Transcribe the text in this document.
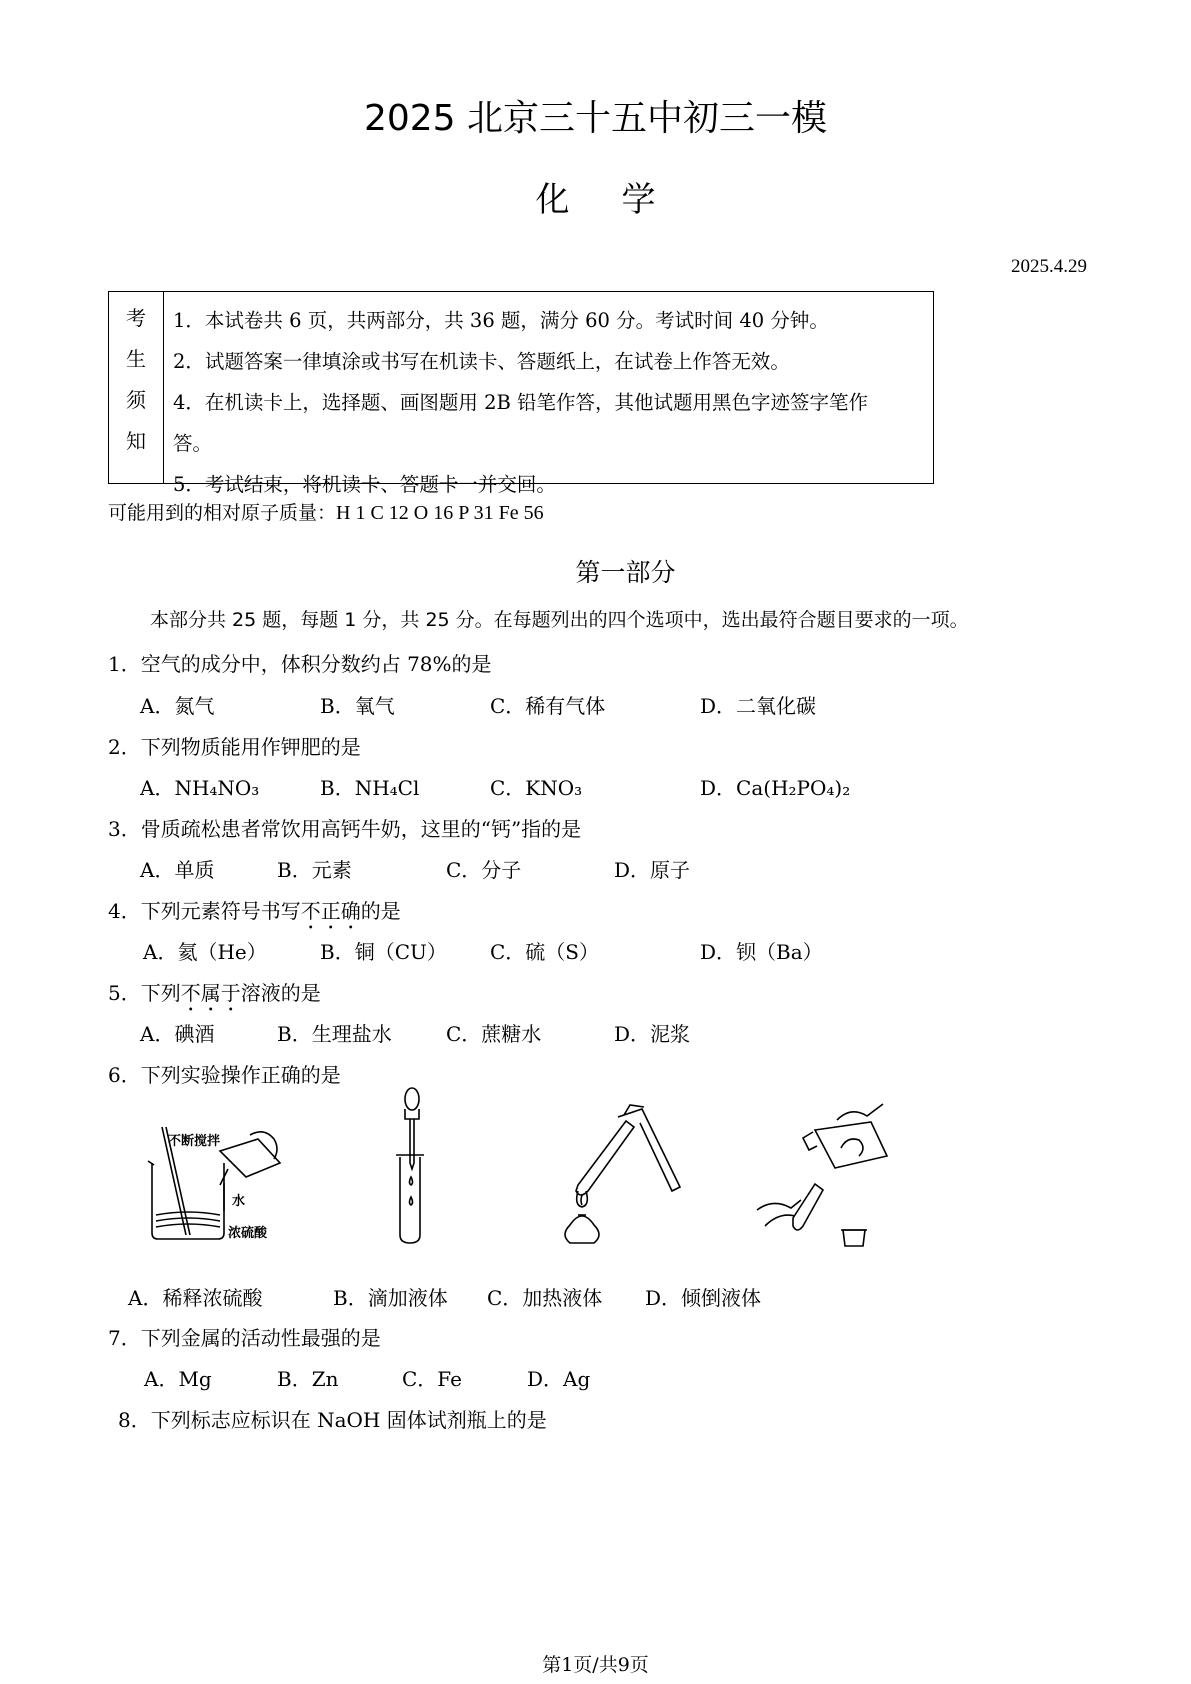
2025 北京三十五中初三一模
化学
2025.4.29
考
生
须
知
1．本试卷共 6 页，共两部分，共 36 题，满分 60 分。考试时间 40 分钟。
2．试题答案一律填涂或书写在机读卡、答题纸上，在试卷上作答无效。
4．在机读卡上，选择题、画图题用 2B 铅笔作答，其他试题用黑色字迹签字笔作
答。
5．考试结束，将机读卡、答题卡一并交回。
可能用到的相对原子质量：H 1 C 12 O 16 P 31 Fe 56
第一部分
本部分共 25 题，每题 1 分，共 25 分。在每题列出的四个选项中，选出最符合题目要求的一项。
1．空气的成分中，体积分数约占 78%的是
A．氮气	B．氧气	C．稀有气体	D．二氧化碳
2．下列物质能用作钾肥的是
A．NH₄NO₃	B．NH₄Cl	C．KNO₃	D．Ca(H₂PO₄)₂
3．骨质疏松患者常饮用高钙牛奶，这里的“钙”指的是
A．单质	B．元素	C．分子	D．原子
4．下列元素符号书写不正确的是
A．氦（He）	B．铜（CU） C．硫（S）	D．钡（Ba）
5．下列不属于溶液的是
A．碘酒	B．生理盐水	C．蔗糖水	D．泥浆
6．下列实验操作正确的是
不断搅拌
水
浓硫酸
A．稀释浓硫酸	B．滴加液体 C．加热液体 D．倾倒液体
7．下列金属的活动性最强的是
A．Mg	B．Zn	C．Fe	D．Ag
8．下列标志应标识在 NaOH 固体试剂瓶上的是
第1页/共9页
